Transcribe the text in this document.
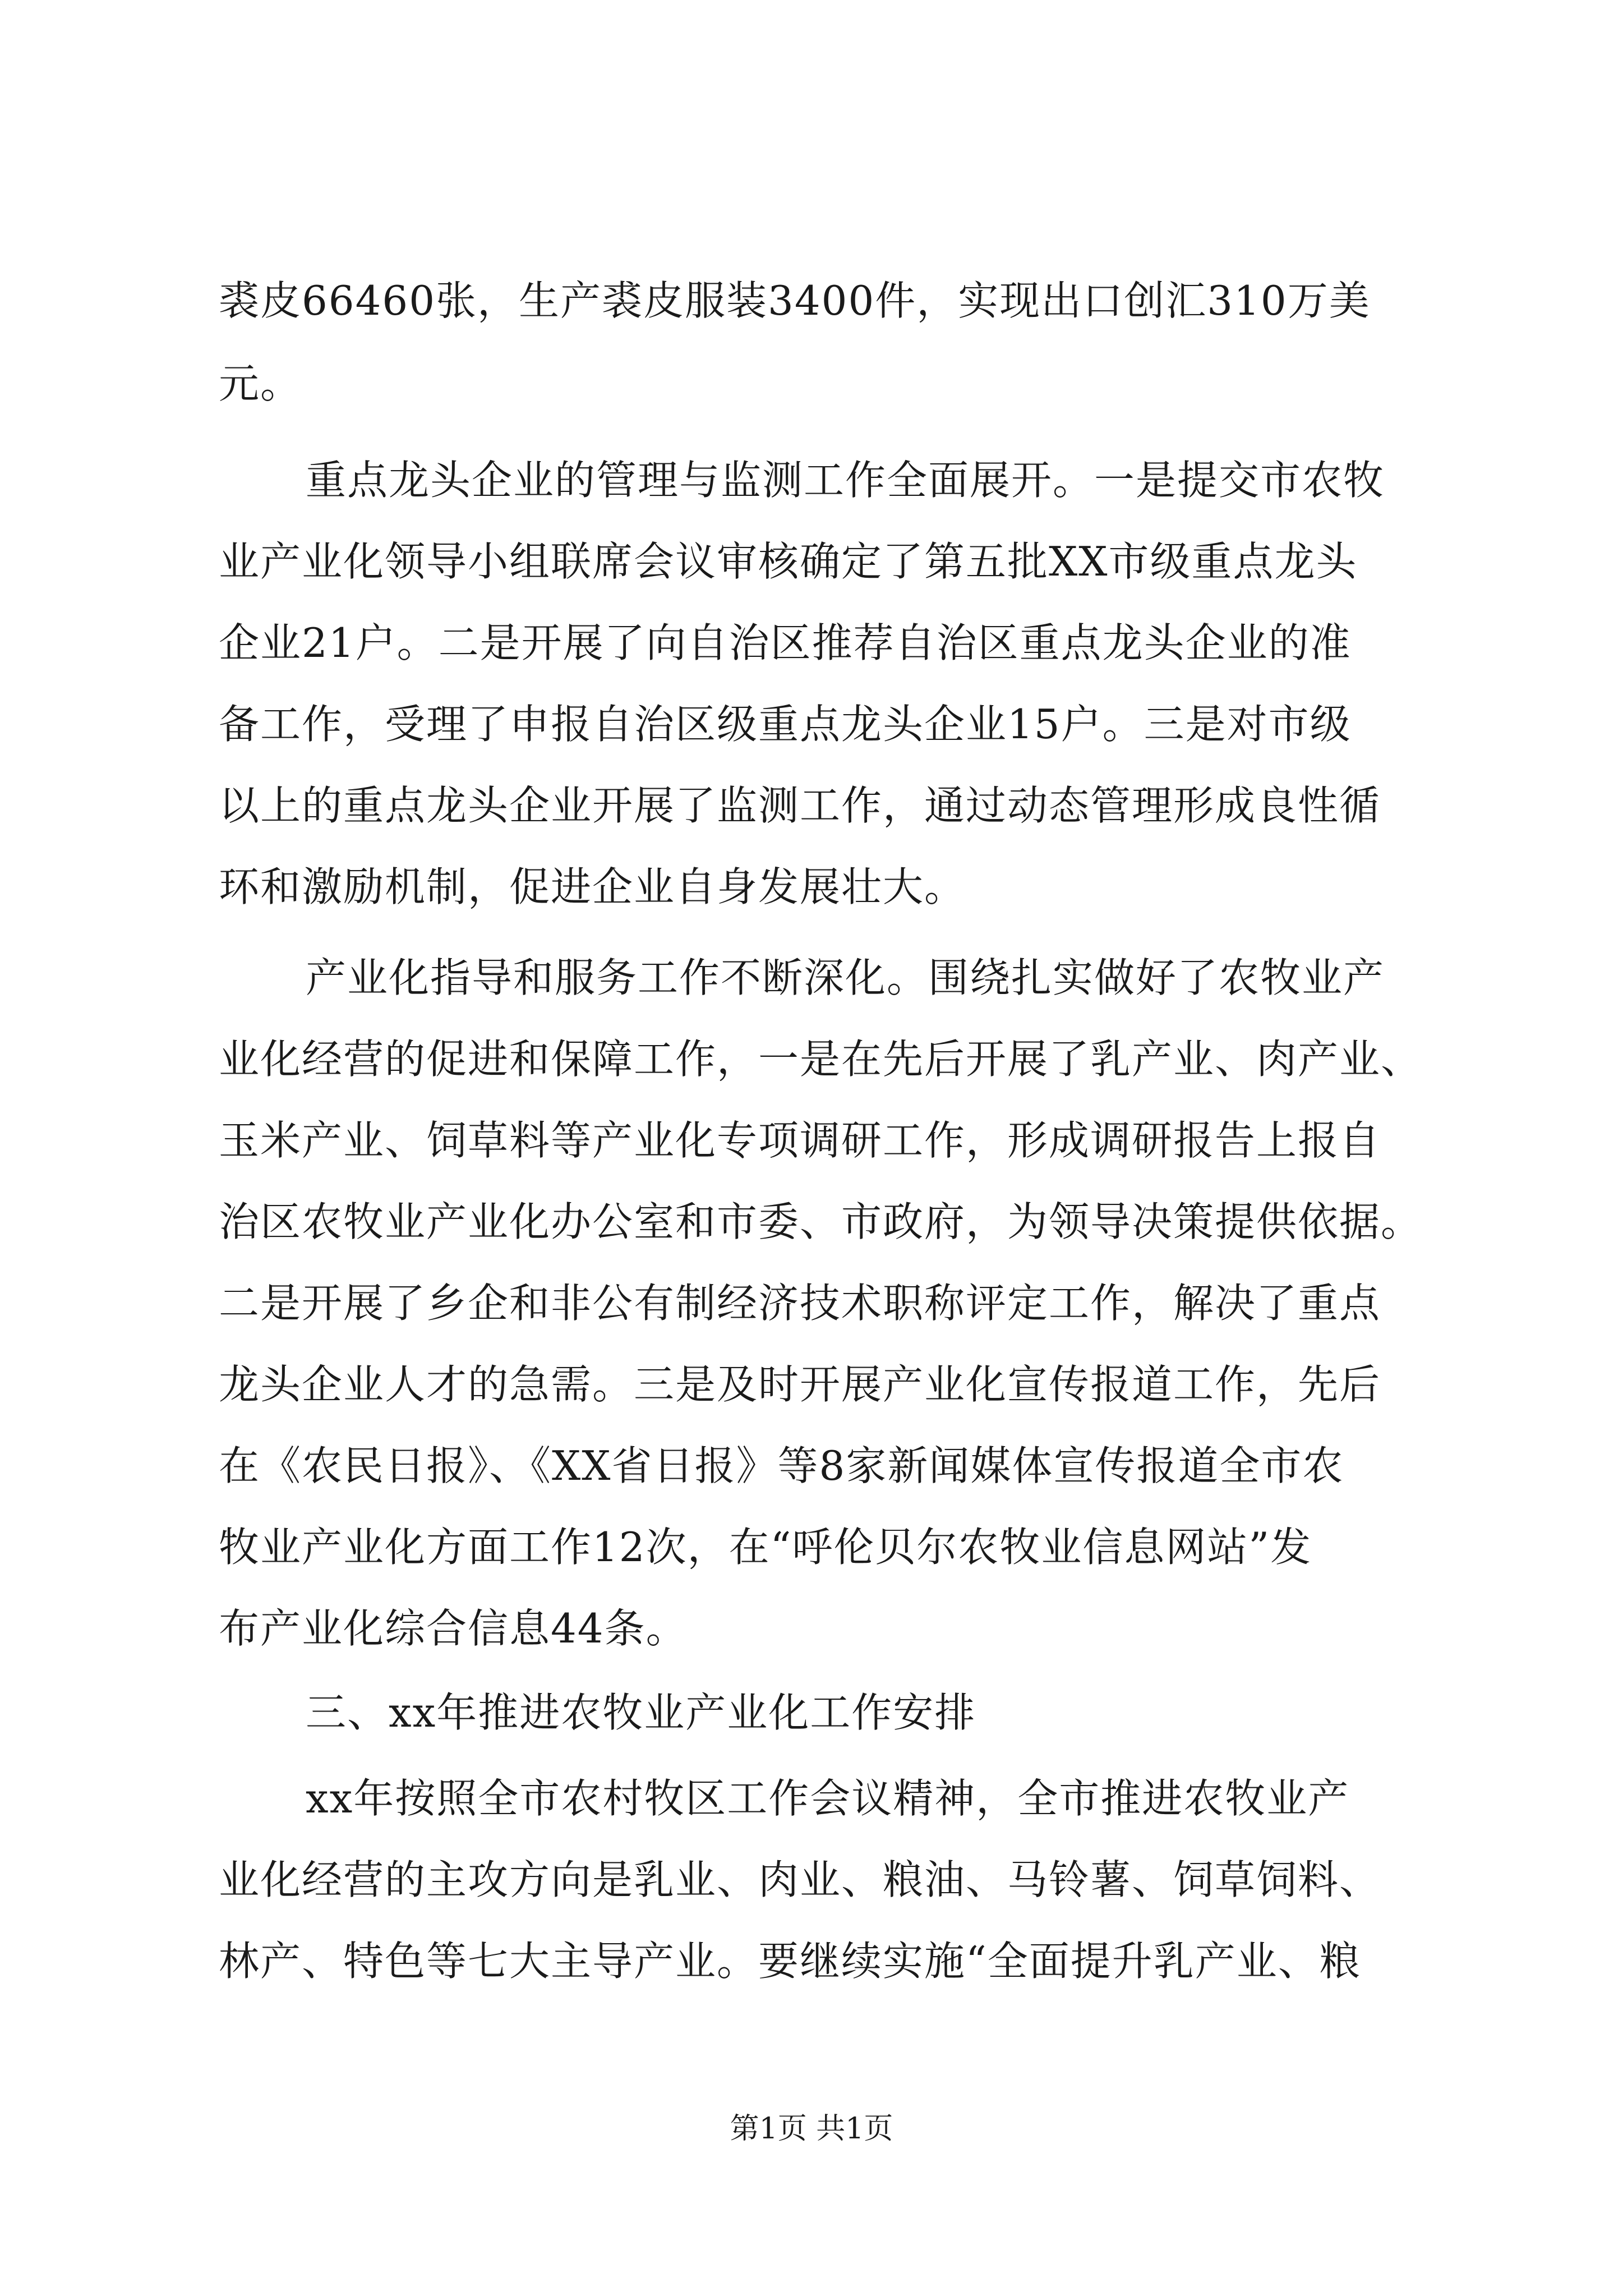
裘皮66460张，生产裘皮服装3400件，实现出口创汇310万美
元。
重点龙头企业的管理与监测工作全面展开。一是提交市农牧
业产业化领导小组联席会议审核确定了第五批XX市级重点龙头
企业21户。二是开展了向自治区推荐自治区重点龙头企业的准
备工作，受理了申报自治区级重点龙头企业15户。三是对市级
以上的重点龙头企业开展了监测工作，通过动态管理形成良性循
环和激励机制，促进企业自身发展壮大。
产业化指导和服务工作不断深化。围绕扎实做好了农牧业产
业化经营的促进和保障工作，一是在先后开展了乳产业、肉产业、
玉米产业、饲草料等产业化专项调研工作，形成调研报告上报自
治区农牧业产业化办公室和市委、市政府，为领导决策提供依据。
二是开展了乡企和非公有制经济技术职称评定工作，解决了重点
龙头企业人才的急需。三是及时开展产业化宣传报道工作，先后
在《农民日报》、《XX省日报》等8家新闻媒体宣传报道全市农
牧业产业化方面工作12次，在“呼伦贝尔农牧业信息网站”发
布产业化综合信息44条。
三、xx年推进农牧业产业化工作安排
xx年按照全市农村牧区工作会议精神，全市推进农牧业产
业化经营的主攻方向是乳业、肉业、粮油、马铃薯、饲草饲料、
林产、特色等七大主导产业。要继续实施“全面提升乳产业、粮
第1页 共1页
